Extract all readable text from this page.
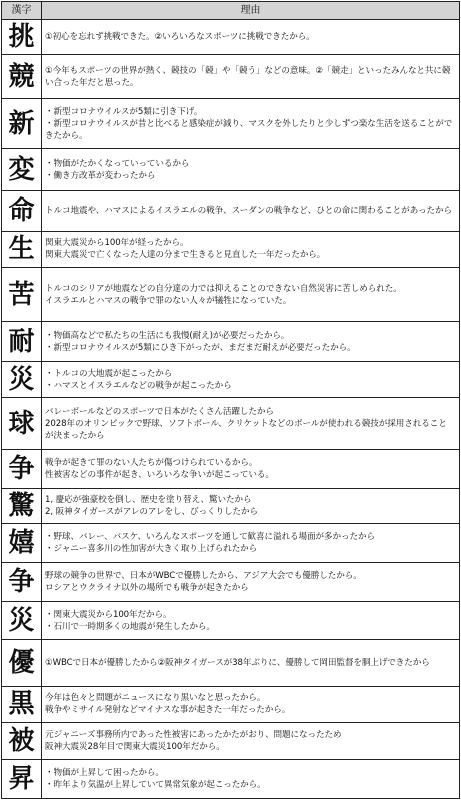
漢字	理由
挑	①初心を忘れず挑戦できた。②いろいろなスポーツに挑戦できたから。

競	①今年もスポーツの世界が熱く、競技の「競」や「競う」などの意味。②「競走」といったみんなと共に競い合った年だと思った。

新	・新型コロナウイルスが5類に引き下げ。
・新型コロナウイルスが昔と比べると感染症が減り、マスクを外したりと少しずつ楽な生活を送ることができたから。

変	・物価がたかくなっていっているから
・働き方改革が変わったから

命	トルコ地震や、ハマスによるイスラエルの戦争、スーダンの戦争など、ひとの命に関わることがあったから

生	関東大震災から100年が経ったから。
関東大震災で亡くなった人達の分まで生きると見直した一年だったから。

苦	トルコのシリアが地震などの自分達の力では抑えることのできない自然災害に苦しめられた。
イスラエルとハマスの戦争で罪のない人々が犠牲になっていた。

耐	・物価高などで私たちの生活にも我慢(耐え)が必要だったから。
・新型コロナウイルスが5類にひき下がったが、まだまだ耐えが必要だったから。

災	・トルコの大地震が起こったから
・ハマスとイスラエルなどの戦争が起こったから

球	バレーボールなどのスポーツで日本がたくさん活躍したから
2028年のオリンピックで野球、ソフトボール、クリケットなどのボールが使われる競技が採用されることが決まったから

争	戦争が起きて罪のない人たちが傷つけられているから。
性被害などの事件が起き、いろいろな争いが起こっている。

驚	1, 慶応が強豪校を倒し、歴史を塗り替え、驚いたから
2, 阪神タイガースがアレのアレをし、びっくりしたから

嬉	・野球、バレー、バスケ、いろんなスポーツを通して歓喜に溢れる場面が多かったから
・ジャニー喜多川の性加害が大きく取り上げられたから

争	野球の競争の世界で、日本がWBCで優勝したから、アジア大会でも優勝したから。
ロシアとウクライナ以外の場所でも戦争が起きたから

災	・関東大震災から100年だから。
・石川で一時期多くの地震が発生したから。

優	①WBCで日本が優勝したから②阪神タイガースが38年ぶりに、優勝して岡田監督を胴上げできたから

黒	今年は色々と問題がニュースになり黒いなと思ったから。
戦争やミサイル発射などマイナスな事が起きた一年だったから。

被	元ジャニーズ事務所内であった性被害にあったかたがおり、問題になったため
阪神大震災28年目で関東大震災100年だから。

昇	・物価が上昇して困ったから。
・昨年より気温が上昇していて異常気象が起こったから。
